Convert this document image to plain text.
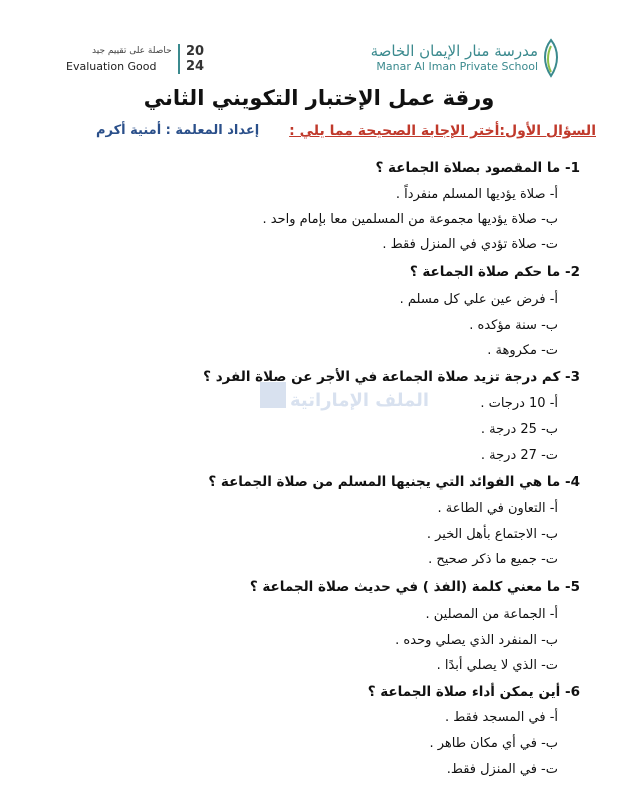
مدرسة منار الإيمان الخاصة
Manar Al Iman Private School
20
24
حاصلة على تقييم جيد
Evaluation Good
ورقة عمل الإختبار التكويني الثاني
السؤال الأول:أختر الإجابة الصحيحة مما يلي :
إعداد المعلمة : أمنية أكرم
الملف الإماراتية
1- ما المقصود بصلاة الجماعة ؟
أ- صلاة يؤديها المسلم منفرداً .
ب- صلاة يؤديها مجموعة من المسلمين معا بإمام واحد .
ت- صلاة تؤدي في المنزل فقط .
2- ما حكم صلاة الجماعة ؟
أ- فرض عين علي كل مسلم .
ب- سنة مؤكده .
ت- مكروهة .
3- كم درجة تزيد صلاة الجماعة في الأجر عن صلاة الفرد ؟
أ- 10 درجات .
ب- 25 درجة .
ت- 27 درجة .
4- ما هي الفوائد التي يجنيها المسلم من صلاة الجماعة ؟
أ- التعاون في الطاعة .
ب- الاجتماع بأهل الخير .
ت- جميع ما ذكر صحيح .
5- ما معني كلمة (الفذ ) في حديث صلاة الجماعة ؟
أ- الجماعة من المصلين .
ب- المنفرد الذي يصلي وحده .
ت- الذي لا يصلي أبدًا .
6- أين يمكن أداء صلاة الجماعة ؟
أ- في المسجد فقط .
ب- في أي مكان طاهر .
ت- في المنزل فقط.
